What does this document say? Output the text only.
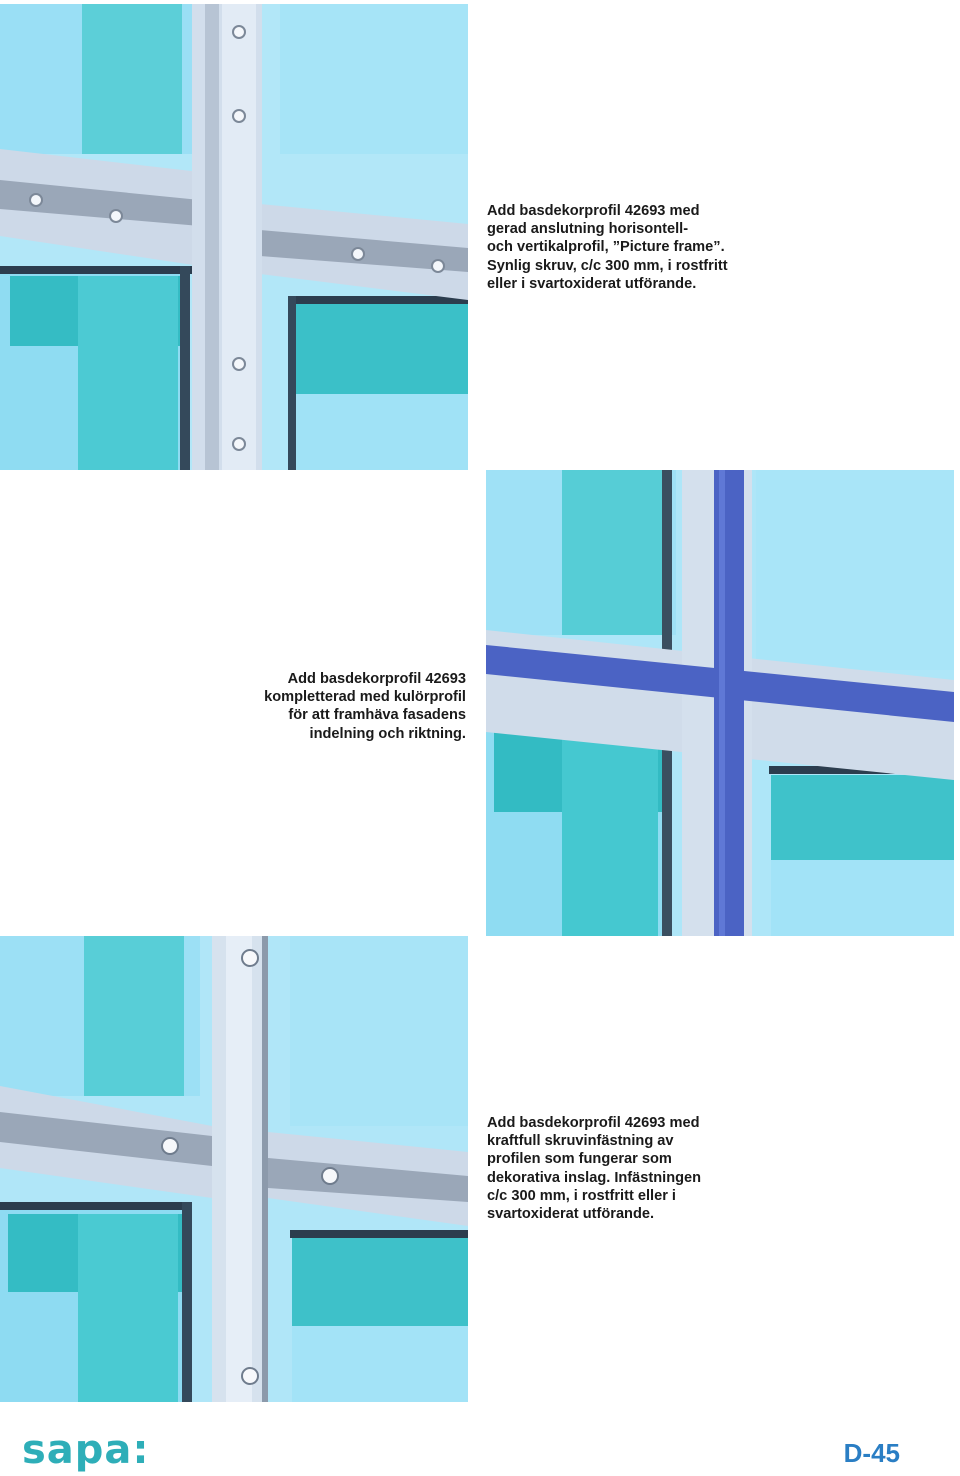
Add basdekorprofil 42693 med
gerad anslutning horisontell-
och vertikalprofil, ”Picture frame”.
Synlig skruv, c/c 300 mm, i rostfritt
eller i svartoxiderat utförande.

Add basdekorprofil 42693
kompletterad med kulörprofil
för att framhäva fasadens
indelning och riktning.

Add basdekorprofil 42693 med
kraftfull skruvinfästning av
profilen som fungerar som
dekorativa inslag. Infästningen
c/c 300 mm, i rostfritt eller i
svartoxiderat utförande.

sapa:	D-45
